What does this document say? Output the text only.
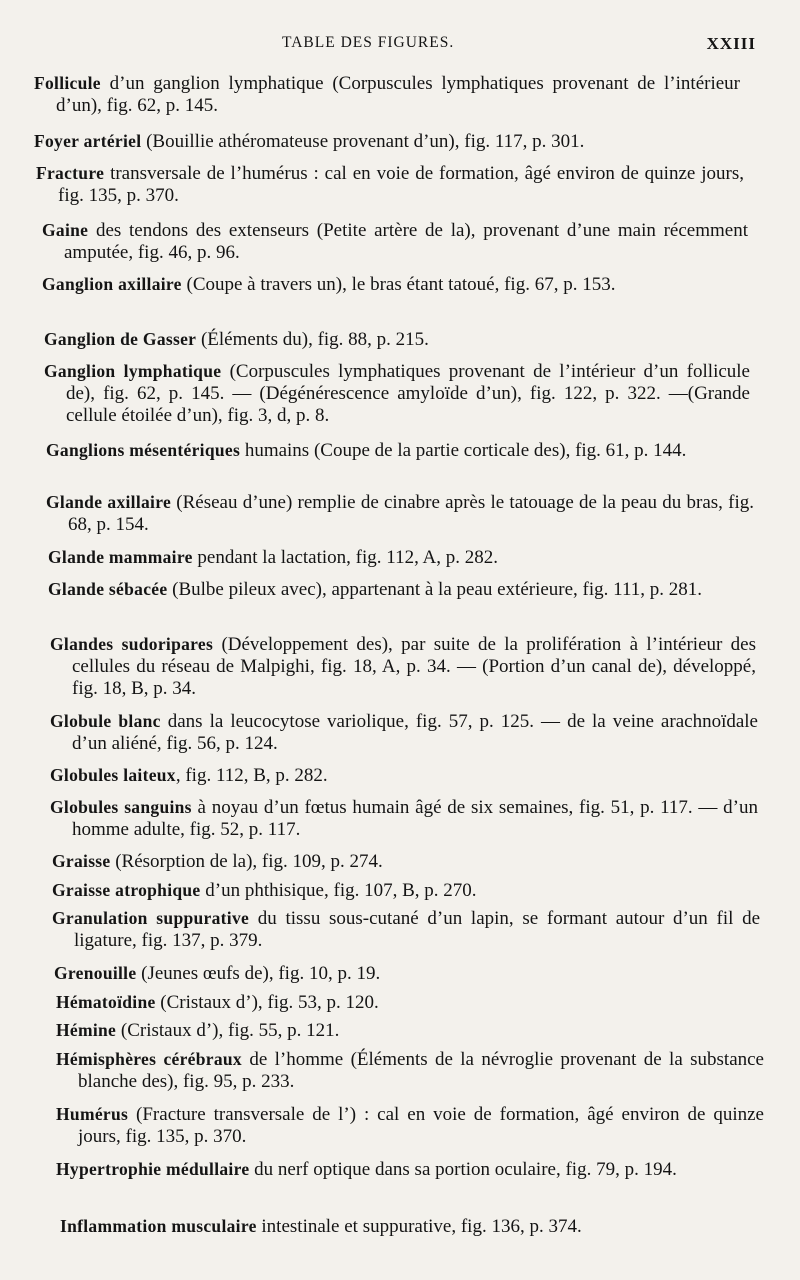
TABLE DES FIGURES.	XXIII
Follicule d’un ganglion lymphatique (Corpuscules lymphatiques provenant de l’intérieur d’un), fig. 62, p. 145.
Foyer artériel (Bouillie athéromateuse provenant d’un), fig. 117, p. 301.
Fracture transversale de l’humérus : cal en voie de formation, âgé environ de quinze jours, fig. 135, p. 370.
Gaine des tendons des extenseurs (Petite artère de la), provenant d’une main récemment amputée, fig. 46, p. 96.
Ganglion axillaire (Coupe à travers un), le bras étant tatoué, fig. 67, p. 153.
Ganglion de Gasser (Éléments du), fig. 88, p. 215.
Ganglion lymphatique (Corpuscules lymphatiques provenant de l’intérieur d’un follicule de), fig. 62, p. 145. — (Dégénérescence amyloïde d’un), fig. 122, p. 322. —(Grande cellule étoilée d’un), fig. 3, d, p. 8.
Ganglions mésentériques humains (Coupe de la partie corticale des), fig. 61, p. 144.
Glande axillaire (Réseau d’une) remplie de cinabre après le tatouage de la peau du bras, fig. 68, p. 154.
Glande mammaire pendant la lactation, fig. 112, A, p. 282.
Glande sébacée (Bulbe pileux avec), appartenant à la peau extérieure, fig. 111, p. 281.
Glandes sudoripares (Développement des), par suite de la prolifération à l’intérieur des cellules du réseau de Malpighi, fig. 18, A, p. 34. — (Portion d’un canal de), développé, fig. 18, B, p. 34.
Globule blanc dans la leucocytose variolique, fig. 57, p. 125. — de la veine arachnoïdale d’un aliéné, fig. 56, p. 124.
Globules laiteux, fig. 112, B, p. 282.
Globules sanguins à noyau d’un fœtus humain âgé de six semaines, fig. 51, p. 117. — d’un homme adulte, fig. 52, p. 117.
Graisse (Résorption de la), fig. 109, p. 274.
Graisse atrophique d’un phthisique, fig. 107, B, p. 270.
Granulation suppurative du tissu sous-cutané d’un lapin, se formant autour d’un fil de ligature, fig. 137, p. 379.
Grenouille (Jeunes œufs de), fig. 10, p. 19.
Hématoïdine (Cristaux d’), fig. 53, p. 120.
Hémine (Cristaux d’), fig. 55, p. 121.
Hémisphères cérébraux de l’homme (Éléments de la névroglie provenant de la substance blanche des), fig. 95, p. 233.
Humérus (Fracture transversale de l’) : cal en voie de formation, âgé environ de quinze jours, fig. 135, p. 370.
Hypertrophie médullaire du nerf optique dans sa portion oculaire, fig. 79, p. 194.
Inflammation musculaire intestinale et suppurative, fig. 136, p. 374.
